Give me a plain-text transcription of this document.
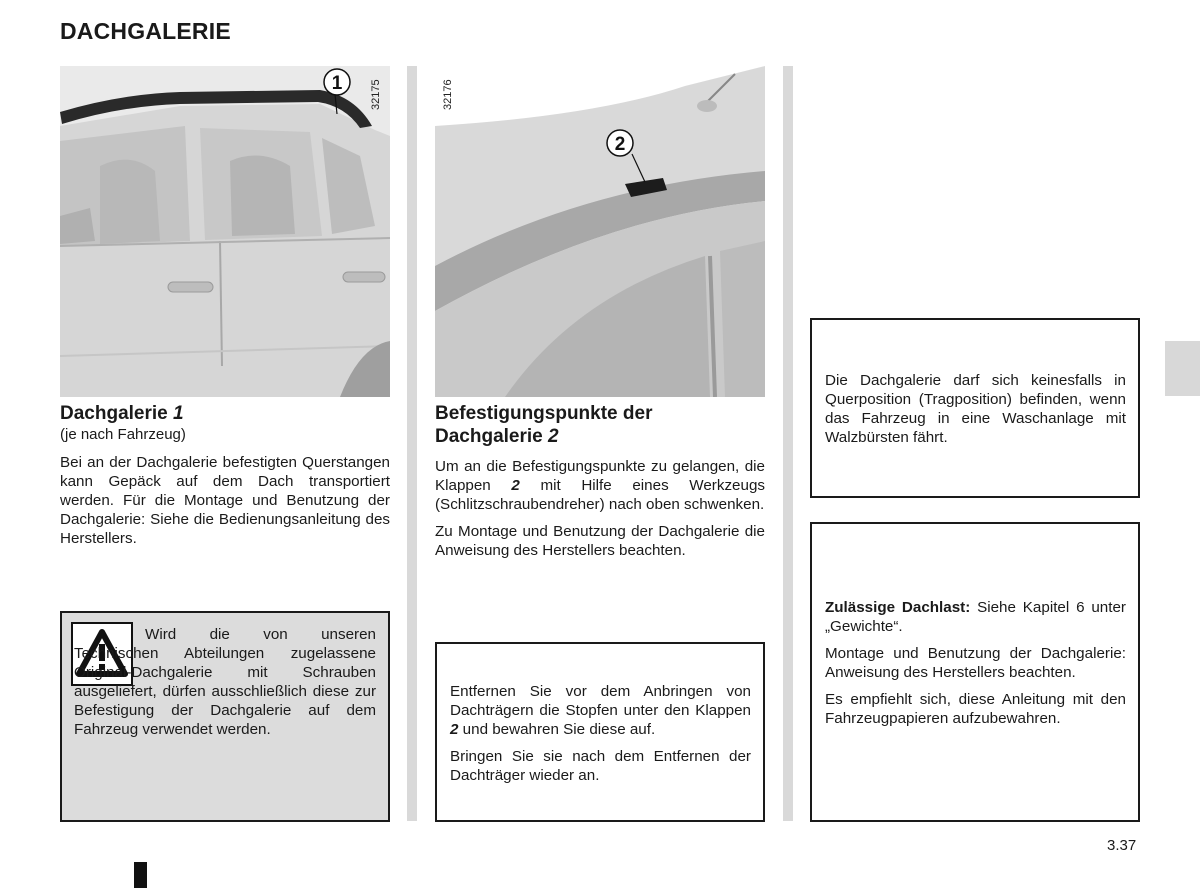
DACHGALERIE
1	32175
2
32176
Dachgalerie 1
(je nach Fahrzeug)

Bei an der Dachgalerie befestigten Querstangen kann Gepäck auf dem Dach transportiert werden. Für die Montage und Benutzung der Dachgalerie: Siehe die Bedienungsanleitung des Herstellers.

Wird die von unseren Technischen Abteilungen zugelassene Original-Dachgalerie mit Schrauben ausgeliefert, dürfen ausschließlich diese zur Befestigung der Dachgalerie auf dem Fahrzeug verwendet werden.
Befestigungspunkte der
Dachgalerie 2

Um an die Befestigungspunkte zu gelangen, die Klappen 2 mit Hilfe eines Werkzeugs (Schlitzschraubendreher) nach oben schwenken.

Zu Montage und Benutzung der Dachgalerie die Anweisung des Herstellers beachten.

Entfernen Sie vor dem Anbringen von Dachträgern die Stopfen unter den Klappen 2 und bewahren Sie diese auf.

Bringen Sie sie nach dem Entfernen der Dachträger wieder an.

Die Dachgalerie darf sich keinesfalls in Querposition (Tragposition) befinden, wenn das Fahrzeug in eine Waschanlage mit Walzbürsten fährt.

Zulässige Dachlast: Siehe Kapitel 6 unter „Gewichte“.

Montage und Benutzung der Dachgalerie: Anweisung des Herstellers beachten.

Es empfiehlt sich, diese Anleitung mit den Fahrzeugpapieren aufzubewahren.

3.37
